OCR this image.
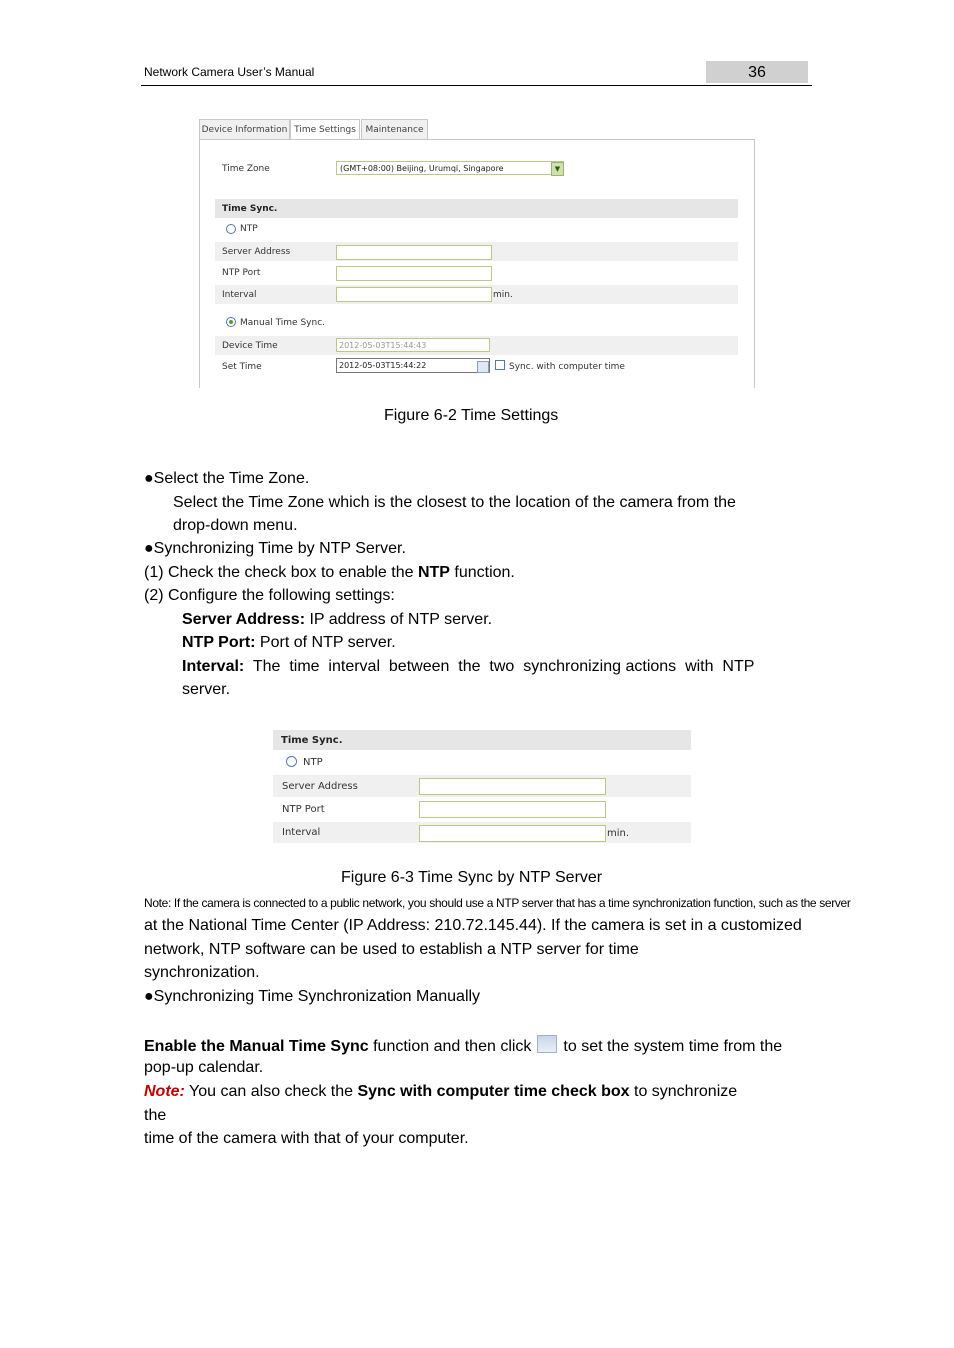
Network Camera User’s Manual	36
Device Information Time Settings	Maintenance
Time Zone	(GMT+08:00) Beijing, Urumqi, Singapore	▼
Time Sync.
NTP
Server Address
NTP Port
Interval	min.
Manual Time Sync.
Device Time	2012-05-03T15:44:43
Set Time	2012-05-03T15:44:22	Sync. with computer time
Figure 6-2 Time Settings
●Select the Time Zone.
Select the Time Zone which is the closest to the location of the camera from the
drop-down menu.
●Synchronizing Time by NTP Server.
(1) Check the check box to enable the NTP function.
(2) Configure the following settings:
Server Address: IP address of NTP server.
NTP Port: Port of NTP server.
Interval:  The  time  interval  between  the  two  synchronizing actions  with  NTP
server.
Time Sync.
NTP
Server Address
NTP Port
Interval	min.
Figure 6-3 Time Sync by NTP Server
Note: If the camera is connected to a public network, you should use a NTP server that has a time synchronization function, such as the server
at the National Time Center (IP Address: 210.72.145.44). If the camera is set in a customized
network, NTP software can be used to establish a NTP server for time
synchronization.
●Synchronizing Time Synchronization Manually
Enable the Manual Time Sync function and then click to set the system time from the
pop-up calendar.
Note: You can also check the Sync with computer time check box to synchronize
the
time of the camera with that of your computer.
